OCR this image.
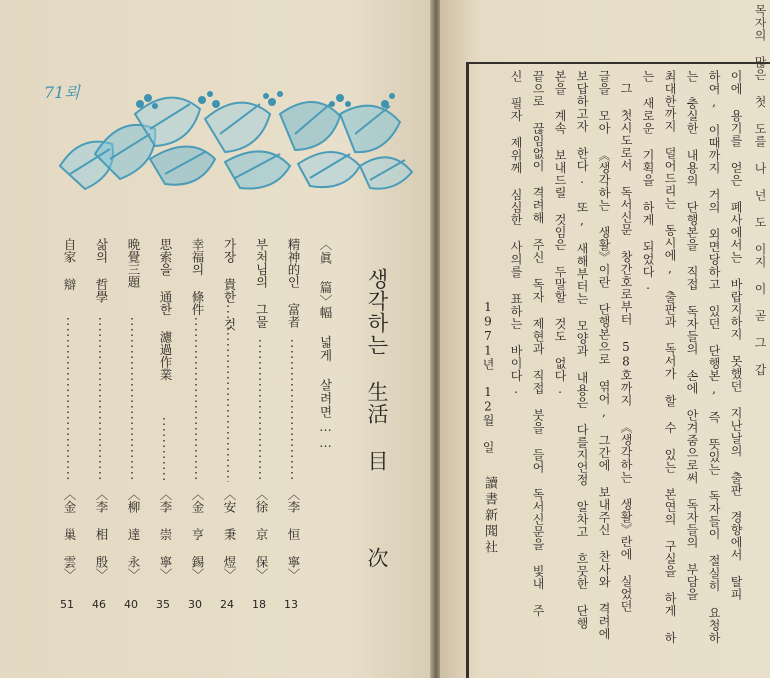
71뢰
생각하는 生活
目 次
〈眞 篇〉
幅 넓게 살려면……
精神的인 富者
〈李 恒 寧〉
13
부처님의 그물
〈徐 京 保〉
18
가장 貴한 것
〈安 秉 煜〉
24
幸福의 條件
〈金 亨 錫〉
30
思索을 通한 濾過作業
〈李 崇 寧〉
35
晩覺三題
〈柳 達 永〉
40
삶의 哲學
〈李 相 殷〉
46
自家 辯
〈金 巢 雲〉
51
이에 용기를 얻은 폐사에서는 바랍지하지 못했던 지난날의 출판 경향에서 탈피
하여, 이때까지 거의 외면당하고 있던 단행본, 즉 뜻있는 독자들이 절실히 요청하
는 충실한 내용의 단행본을 직접 독자들의 손에 안겨줌으로써 독자들의 부담을
최대한까지 덜어드리는 동시에, 출판과 독서가 할 수 있는 본연의 구실을 하게 하
는 새로운 기획을 하게 되었다.
그 첫시도로서 독서신문 창간호로부터 58호까지 《생각하는 생활》란에 실었던
글을 모아 《생각하는 생활》이란 단행본으로 엮어, 그간에 보내주신 찬사와 격려에
보답하고자 한다. 또, 새해부터는 모양과 내용은 다를지언정 알차고 흐뭇한 단행
본을 계속 보내드릴 것임은 두말할 것도 없다.
끝으로 끊임없이 격려해 주신 독자 제현과 직접 붓을 들어 독서신문을 빛내 주
신 필자 제위께 심심한 사의를 표하는 바이다.
1971년 12월 일
讀書新聞社
목자의 많은 첫 도를 나 넌 도 이지 이 곧 그 갑
